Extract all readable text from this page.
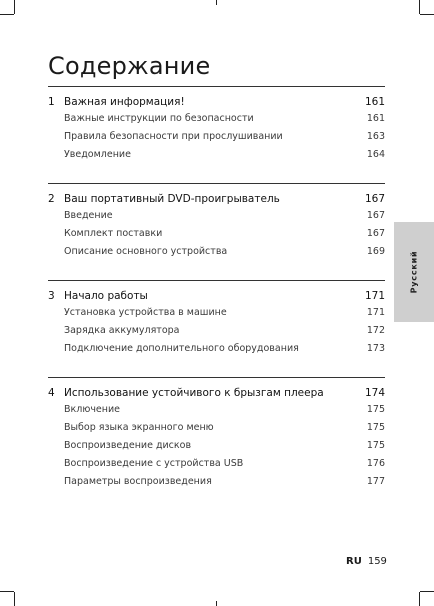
Содержание
Русский
1 Важная информация!	161
Важные инструкции по безопасности	161
Правила безопасности при прослушивании	163
Уведомление	164
2 Ваш портативный DVD-проигрыватель	167
Введение	167
Комплект поставки	167
Описание основного устройства	169
3 Начало работы	171
Установка устройства в машине	171
Зарядка аккумулятора	172
Подключение дополнительного оборудования	173
4 Использование устойчивого к брызгам плеера	174
Включение	175
Выбор языка экранного меню	175
Воспроизведение дисков	175
Воспроизведение с устройства USB	176
Параметры воспроизведения	177
RU 159
